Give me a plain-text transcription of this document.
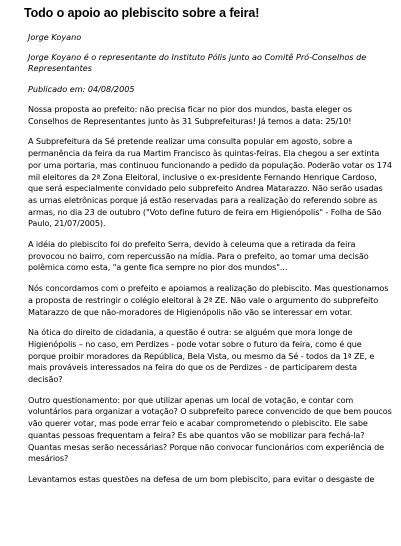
Todo o apoio ao plebiscito sobre a feira!

Jorge Koyano

Jorge Koyano é o representante do Instituto Pólis junto ao Comitê Pró-Conselhos de Representantes

Publicado em: 04/08/2005

Nossa proposta ao prefeito: não precisa ficar no pior dos mundos, basta eleger os Conselhos de Representantes junto às 31 Subprefeituras! Já temos a data: 25/10!

A Subprefeitura da Sé pretende realizar uma consulta popular em agosto, sobre a permanência da feira da rua Martim Francisco às quintas-feiras. Ela chegou a ser extinta por uma portaria, mas continuou funcionando a pedido da população. Poderão votar os 174 mil eleitores da 2ª Zona Eleitoral, inclusive o ex-presidente Fernando Henrique Cardoso, que será especialmente convidado pelo subprefeito Andrea Matarazzo. Não serão usadas as urnas eletrônicas porque já estão reservadas para a realização do referendo sobre as armas, no dia 23 de outubro ("Voto define futuro de feira em Higienópolis" - Folha de São Paulo, 21/07/2005).

A idéia do plebiscito foi do prefeito Serra, devido à celeuma que a retirada da feira provocou no bairro, com repercussão na mídia. Para o prefeito, ao tomar uma decisão polêmica como esta, "a gente fica sempre no pior dos mundos"...

Nós concordamos com o prefeito e apoiamos a realização do plebiscito. Mas questionamos a proposta de restringir o colégio eleitoral à 2ª ZE. Não vale o argumento do subprefeito Matarazzo de que não-moradores de Higienópolis não vão se interessar em votar.

Na ótica do direito de cidadania, a questão é outra: se alguém que mora longe de Higienópolis – no caso, em Perdizes - pode votar sobre o futuro da feira, como é que porque proibir moradores da República, Bela Vista, ou mesmo da Sé - todos da 1ª ZE, e mais prováveis interessados na feira do que os de Perdizes - de participarem desta decisão?

Outro questionamento: por que utilizar apenas um local de votação, e contar com voluntários para organizar a votação? O subprefeito parece convencido de que bem poucos vão querer votar, mas pode errar feio e acabar comprometendo o plebiscito. Ele sabe quantas pessoas frequentam a feira? Es abe quantos vão se mobilizar para fechá-la? Quantas mesas serão necessárias? Porque não convocar funcionários com experiência de mesários?

Levantamos estas questões na defesa de um bom plebiscito, para evitar o desgaste de
